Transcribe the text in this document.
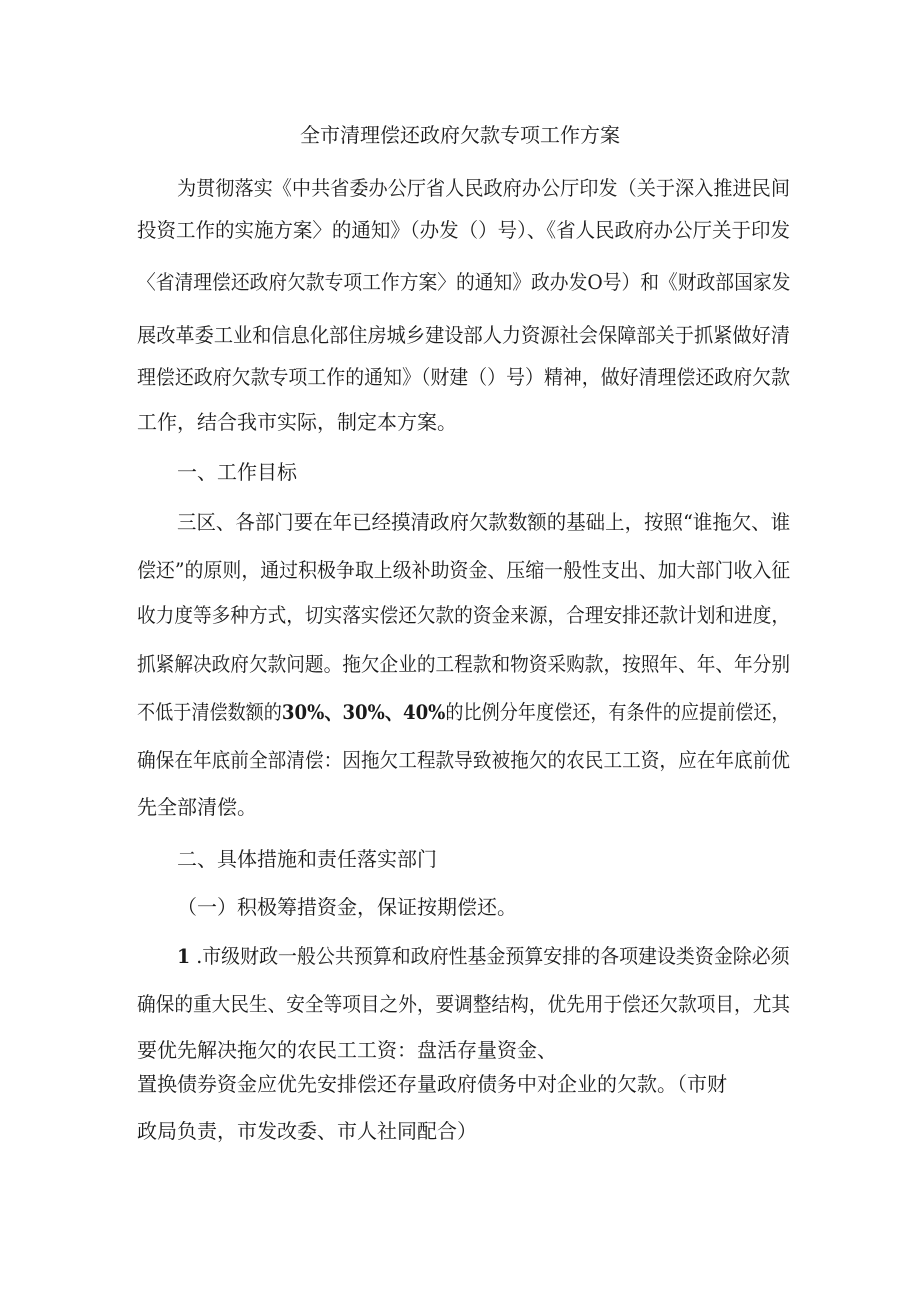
全市清理偿还政府欠款专项工作方案
为贯彻落实《中共省委办公厅省人民政府办公厅印发（关于深入推进民间
投资工作的实施方案〉的通知》（办发（）号）、《省人民政府办公厅关于印发
〈省清理偿还政府欠款专项工作方案〉的通知》政办发O号）和《财政部国家发
展改革委工业和信息化部住房城乡建设部人力资源社会保障部关于抓紧做好清
理偿还政府欠款专项工作的通知》（财建（）号）精神，做好清理偿还政府欠款
工作，结合我市实际，制定本方案。
一、工作目标
三区、各部门要在年已经摸清政府欠款数额的基础上，按照“谁拖欠、谁
偿还”的原则，通过积极争取上级补助资金、压缩一般性支出、加大部门收入征
收力度等多种方式，切实落实偿还欠款的资金来源，合理安排还款计划和进度，
抓紧解决政府欠款问题。拖欠企业的工程款和物资采购款，按照年、年、年分别
不低于清偿数额的30%、30%、40%的比例分年度偿还，有条件的应提前偿还，
确保在年底前全部清偿：因拖欠工程款导致被拖欠的农民工工资，应在年底前优
先全部清偿。
二、具体措施和责任落实部门
（一）积极筹措资金，保证按期偿还。
1 .市级财政一般公共预算和政府性基金预算安排的各项建设类资金除必须
确保的重大民生、安全等项目之外，要调整结构，优先用于偿还欠款项目，尤其
要优先解决拖欠的农民工工资：盘活存量资金、
置换债券资金应优先安排偿还存量政府债务中对企业的欠款。（市财
政局负责，市发改委、市人社同配合）
